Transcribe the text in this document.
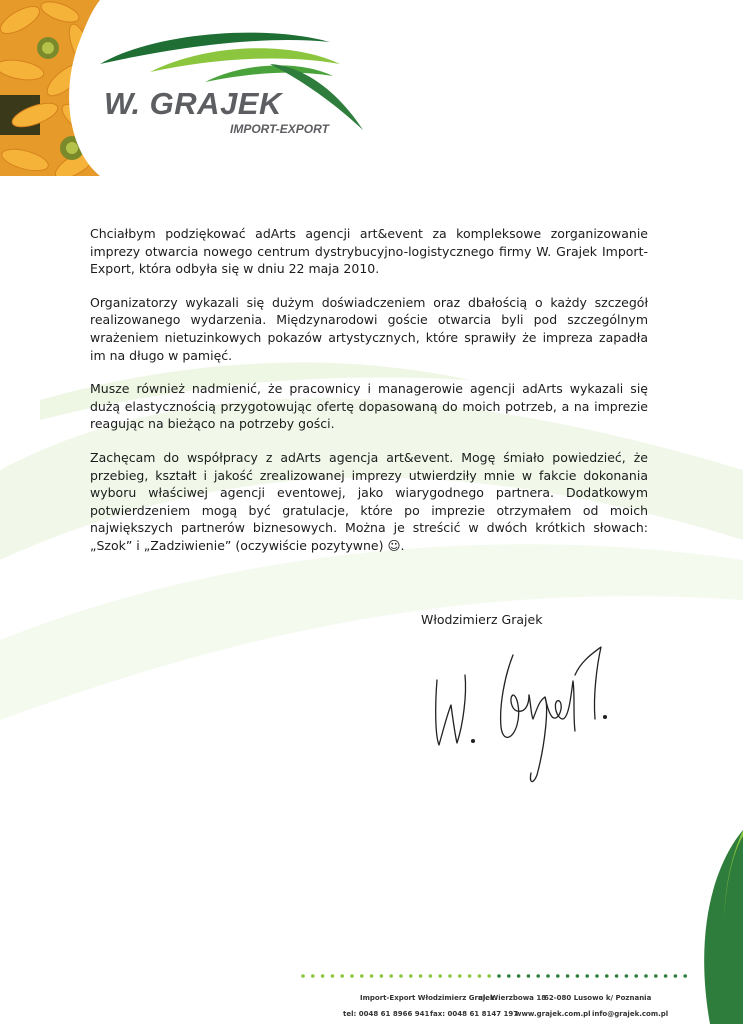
W. GRAJEK
IMPORT-EXPORT

Chciałbym podziękować adArts agencji art&event za kompleksowe zorganizowanie imprezy otwarcia nowego centrum dystrybucyjno-logistycznego firmy W. Grajek Import-Export, która odbyła się w dniu 22 maja 2010.

Organizatorzy wykazali się dużym doświadczeniem oraz dbałością o każdy szczegół realizowanego wydarzenia. Międzynarodowi goście otwarcia byli pod szczególnym wrażeniem nietuzinkowych pokazów artystycznych, które sprawiły że impreza zapadła im na długo w pamięć.

Musze również nadmienić, że pracownicy i managerowie agencji adArts wykazali się dużą elastycznością przygotowując ofertę dopasowaną do moich potrzeb, a na imprezie reagując na bieżąco na potrzeby gości.

Zachęcam do współpracy z adArts agencja art&event. Mogę śmiało powiedzieć, że przebieg, kształt i jakość zrealizowanej imprezy utwierdziły mnie w fakcie dokonania wyboru właściwej agencji eventowej, jako wiarygodnego partnera. Dodatkowym potwierdzeniem mogą być gratulacje, które po imprezie otrzymałem od moich największych partnerów biznesowych. Można je streścić w dwóch krótkich słowach: „Szok” i „Zadziwienie” (oczywiście pozytywne) ☺.

Włodzimierz Grajek
Import-Export Włodzimierz Grajek
ul. Wierzbowa 18
62-080 Lusowo k/ Poznania
tel: 0048 61 8966 941 fax: 0048 61 8147 197
www.grajek.com.pl info@grajek.com.pl
